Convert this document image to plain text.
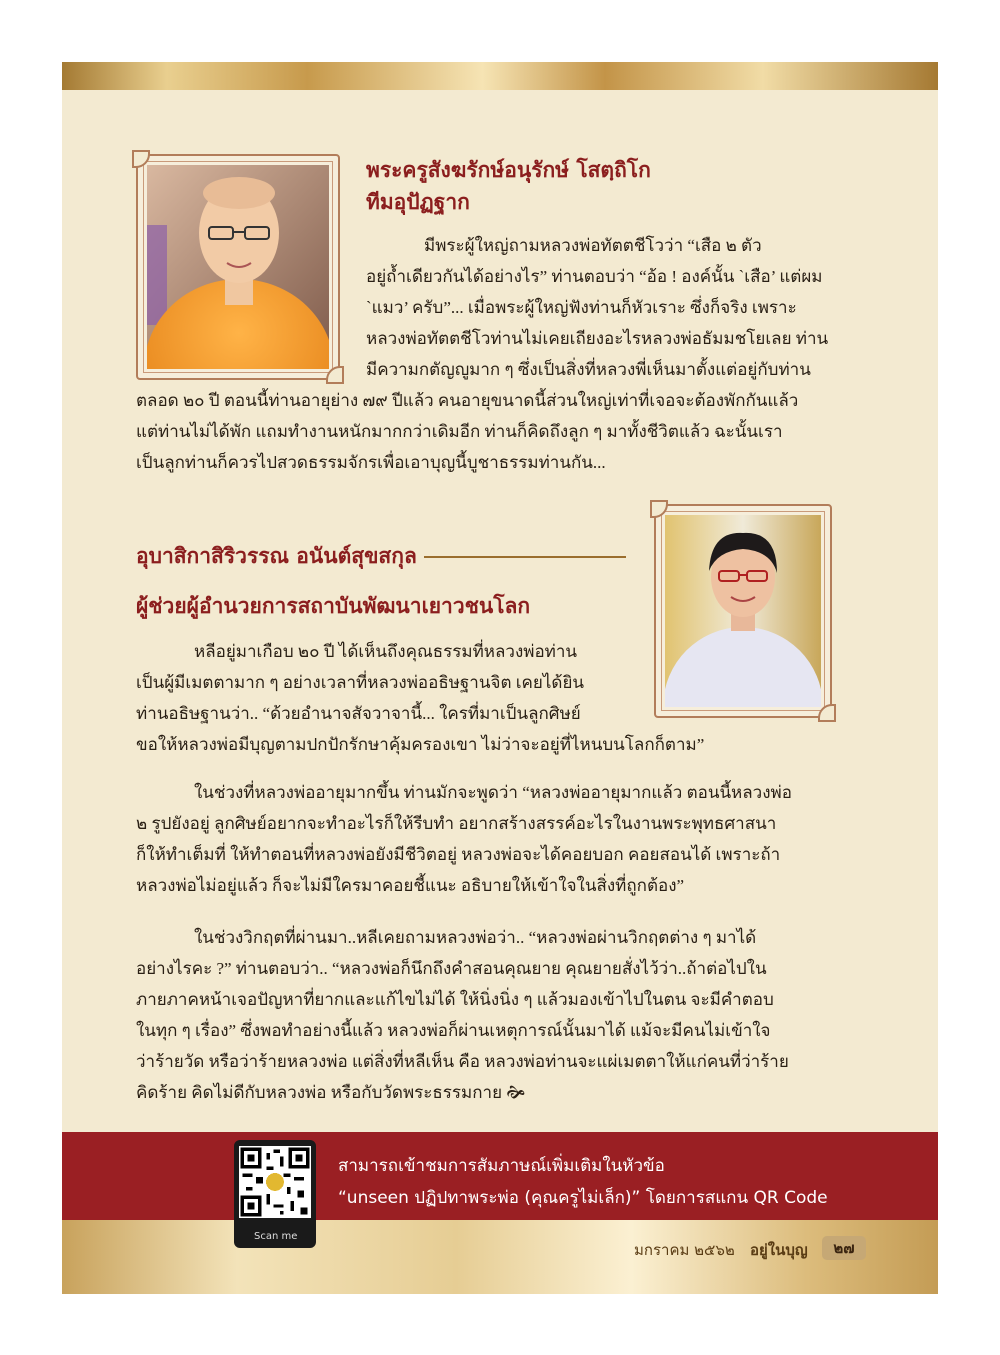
พระครูสังฆรักษ์อนุรักษ์ โสตฺถิโก
ทีมอุปัฏฐาก
มีพระผู้ใหญ่ถามหลวงพ่อทัตตชีโวว่า “เสือ ๒ ตัว
อยู่ถ้ำเดียวกันได้อย่างไร” ท่านตอบว่า “อ้อ ! องค์นั้น `เสือ’ แต่ผม
`แมว’ ครับ”... เมื่อพระผู้ใหญ่ฟังท่านก็หัวเราะ ซึ่งก็จริง เพราะ
หลวงพ่อทัตตชีโวท่านไม่เคยเถียงอะไรหลวงพ่อธัมมชโยเลย ท่าน
มีความกตัญญูมาก ๆ ซึ่งเป็นสิ่งที่หลวงพี่เห็นมาตั้งแต่อยู่กับท่าน
ตลอด ๒๐ ปี ตอนนี้ท่านอายุย่าง ๗๙ ปีแล้ว คนอายุขนาดนี้ส่วนใหญ่เท่าที่เจอจะต้องพักกันแล้ว
แต่ท่านไม่ได้พัก แถมทำงานหนักมากกว่าเดิมอีก ท่านก็คิดถึงลูก ๆ มาทั้งชีวิตแล้ว ฉะนั้นเรา
เป็นลูกท่านก็ควรไปสวดธรรมจักรเพื่อเอาบุญนี้บูชาธรรมท่านกัน...
อุบาสิกาสิริวรรณ อนันต์สุขสกุล
ผู้ช่วยผู้อำนวยการสถาบันพัฒนาเยาวชนโลก
หลีอยู่มาเกือบ ๒๐ ปี ได้เห็นถึงคุณธรรมที่หลวงพ่อท่าน
เป็นผู้มีเมตตามาก ๆ อย่างเวลาที่หลวงพ่ออธิษฐานจิต เคยได้ยิน
ท่านอธิษฐานว่า.. “ด้วยอำนาจสัจวาจานี้... ใครที่มาเป็นลูกศิษย์
ขอให้หลวงพ่อมีบุญตามปกปักรักษาคุ้มครองเขา ไม่ว่าจะอยู่ที่ไหนบนโลกก็ตาม”
ในช่วงที่หลวงพ่ออายุมากขึ้น ท่านมักจะพูดว่า “หลวงพ่ออายุมากแล้ว ตอนนี้หลวงพ่อ
๒ รูปยังอยู่ ลูกศิษย์อยากจะทำอะไรก็ให้รีบทำ อยากสร้างสรรค์อะไรในงานพระพุทธศาสนา
ก็ให้ทำเต็มที่ ให้ทำตอนที่หลวงพ่อยังมีชีวิตอยู่ หลวงพ่อจะได้คอยบอก คอยสอนได้ เพราะถ้า
หลวงพ่อไม่อยู่แล้ว ก็จะไม่มีใครมาคอยชี้แนะ อธิบายให้เข้าใจในสิ่งที่ถูกต้อง”
ในช่วงวิกฤตที่ผ่านมา..หลีเคยถามหลวงพ่อว่า.. “หลวงพ่อผ่านวิกฤตต่าง ๆ มาได้
อย่างไรคะ ?” ท่านตอบว่า.. “หลวงพ่อก็นึกถึงคำสอนคุณยาย คุณยายสั่งไว้ว่า..ถ้าต่อไปใน
ภายภาคหน้าเจอปัญหาที่ยากและแก้ไขไม่ได้ ให้นิ่งนิ่ง ๆ แล้วมองเข้าไปในตน จะมีคำตอบ
ในทุก ๆ เรื่อง” ซึ่งพอทำอย่างนี้แล้ว หลวงพ่อก็ผ่านเหตุการณ์นั้นมาได้ แม้จะมีคนไม่เข้าใจ
ว่าร้ายวัด หรือว่าร้ายหลวงพ่อ แต่สิ่งที่หลีเห็น คือ หลวงพ่อท่านจะแผ่เมตตาให้แก่คนที่ว่าร้าย
คิดร้าย คิดไม่ดีกับหลวงพ่อ หรือกับวัดพระธรรมกาย 🙞
Scan me
สามารถเข้าชมการสัมภาษณ์เพิ่มเติมในหัวข้อ
“unseen ปฏิปทาพระพ่อ (คุณครูไม่เล็ก)” โดยการสแกน QR Code
มกราคม ๒๕๖๒ อยู่ในบุญ	๒๗
